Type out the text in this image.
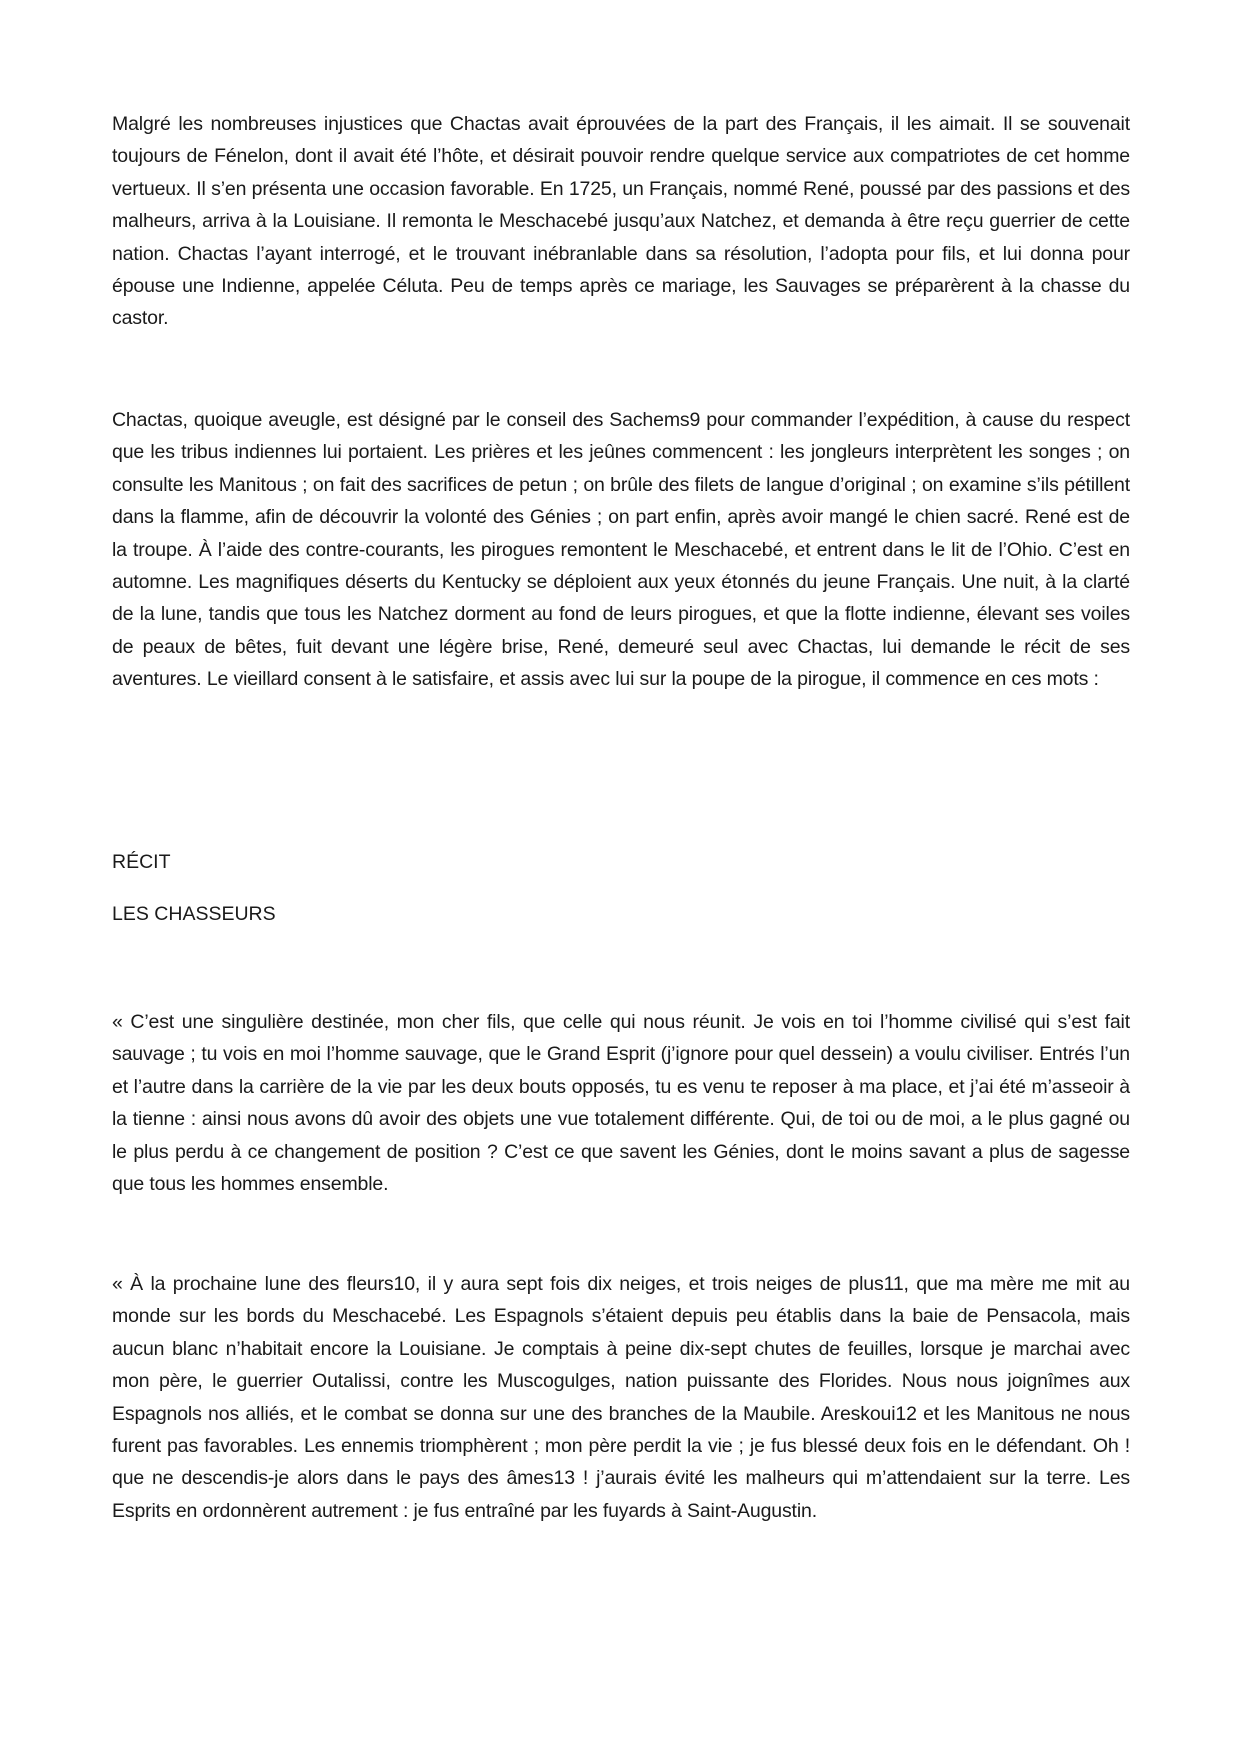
Malgré les nombreuses injustices que Chactas avait éprouvées de la part des Français, il les aimait. Il se souvenait toujours de Fénelon, dont il avait été l’hôte, et désirait pouvoir rendre quelque service aux compatriotes de cet homme vertueux. Il s’en présenta une occasion favorable. En 1725, un Français, nommé René, poussé par des passions et des malheurs, arriva à la Louisiane. Il remonta le Meschacebé jusqu’aux Natchez, et demanda à être reçu guerrier de cette nation. Chactas l’ayant interrogé, et le trouvant inébranlable dans sa résolution, l’adopta pour fils, et lui donna pour épouse une Indienne, appelée Céluta. Peu de temps après ce mariage, les Sauvages se préparèrent à la chasse du castor.

Chactas, quoique aveugle, est désigné par le conseil des Sachems9 pour commander l’expédition, à cause du respect que les tribus indiennes lui portaient. Les prières et les jeûnes commencent : les jongleurs interprètent les songes ; on consulte les Manitous ; on fait des sacrifices de petun ; on brûle des filets de langue d’original ; on examine s’ils pétillent dans la flamme, afin de découvrir la volonté des Génies ; on part enfin, après avoir mangé le chien sacré. René est de la troupe. À l’aide des contre-courants, les pirogues remontent le Meschacebé, et entrent dans le lit de l’Ohio. C’est en automne. Les magnifiques déserts du Kentucky se déploient aux yeux étonnés du jeune Français. Une nuit, à la clarté de la lune, tandis que tous les Natchez dorment au fond de leurs pirogues, et que la flotte indienne, élevant ses voiles de peaux de bêtes, fuit devant une légère brise, René, demeuré seul avec Chactas, lui demande le récit de ses aventures. Le vieillard consent à le satisfaire, et assis avec lui sur la poupe de la pirogue, il commence en ces mots :

RÉCIT
LES CHASSEURS

« C’est une singulière destinée, mon cher fils, que celle qui nous réunit. Je vois en toi l’homme civilisé qui s’est fait sauvage ; tu vois en moi l’homme sauvage, que le Grand Esprit (j’ignore pour quel dessein) a voulu civiliser. Entrés l’un et l’autre dans la carrière de la vie par les deux bouts opposés, tu es venu te reposer à ma place, et j’ai été m’asseoir à la tienne : ainsi nous avons dû avoir des objets une vue totalement différente. Qui, de toi ou de moi, a le plus gagné ou le plus perdu à ce changement de position ? C’est ce que savent les Génies, dont le moins savant a plus de sagesse que tous les hommes ensemble.

« À la prochaine lune des fleurs10, il y aura sept fois dix neiges, et trois neiges de plus11, que ma mère me mit au monde sur les bords du Meschacebé. Les Espagnols s’étaient depuis peu établis dans la baie de Pensacola, mais aucun blanc n’habitait encore la Louisiane. Je comptais à peine dix-sept chutes de feuilles, lorsque je marchai avec mon père, le guerrier Outalissi, contre les Muscogulges, nation puissante des Florides. Nous nous joignîmes aux Espagnols nos alliés, et le combat se donna sur une des branches de la Maubile. Areskoui12 et les Manitous ne nous furent pas favorables. Les ennemis triomphèrent ; mon père perdit la vie ; je fus blessé deux fois en le défendant. Oh ! que ne descendis-je alors dans le pays des âmes13 ! j’aurais évité les malheurs qui m’attendaient sur la terre. Les Esprits en ordonnèrent autrement : je fus entraîné par les fuyards à Saint-Augustin.
